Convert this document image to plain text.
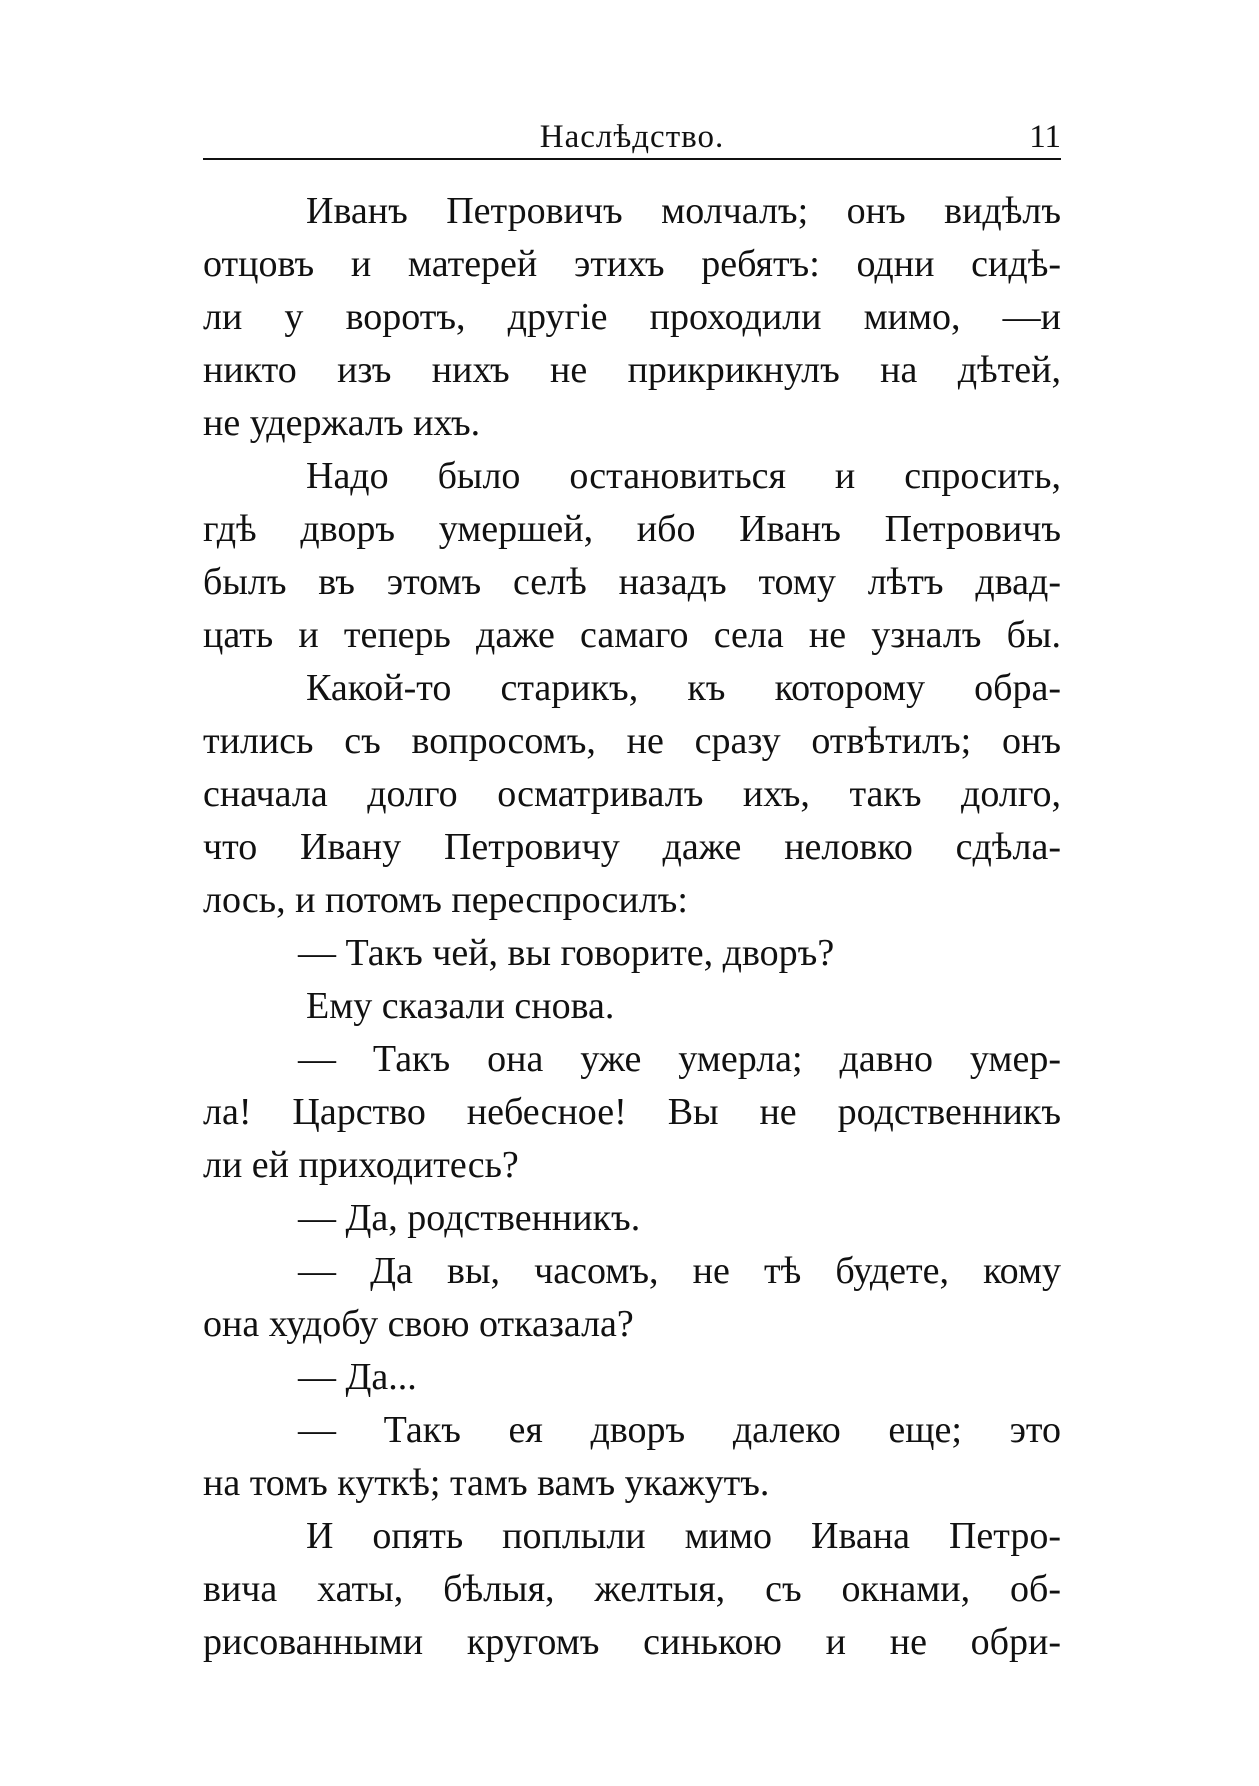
Наслѣдство.	11
Иванъ Петровичъ молчалъ; онъ видѣлъ
отцовъ и матерей этихъ ребятъ: одни сидѣ-
ли у воротъ, другіе проходили мимо, —и
никто изъ нихъ не прикрикнулъ на дѣтей,
не удержалъ ихъ.
Надо было остановиться и спросить,
гдѣ дворъ умершей, ибо Иванъ Петровичъ
былъ въ этомъ селѣ назадъ тому лѣтъ двад-
цать и теперь даже самаго села не узналъ бы.
Какой-то старикъ, къ которому обра-
тились съ вопросомъ, не сразу отвѣтилъ; онъ
сначала долго осматривалъ ихъ, такъ долго,
что Ивану Петровичу даже неловко сдѣла-
лось, и потомъ переспросилъ:
— Такъ чей, вы говорите, дворъ?
Ему сказали снова.
— Такъ она уже умерла; давно умер-
ла! Царство небесное! Вы не родственникъ
ли ей приходитесь?
— Да, родственникъ.
— Да вы, часомъ, не тѣ будете, кому
она худобу свою отказала?
— Да...
— Такъ ея дворъ далеко еще; это
на томъ куткѣ; тамъ вамъ укажутъ.
И опять поплыли мимо Ивана Петро-
вича хаты, бѣлыя, желтыя, съ окнами, об-
рисованными кругомъ синькою и не обри-
